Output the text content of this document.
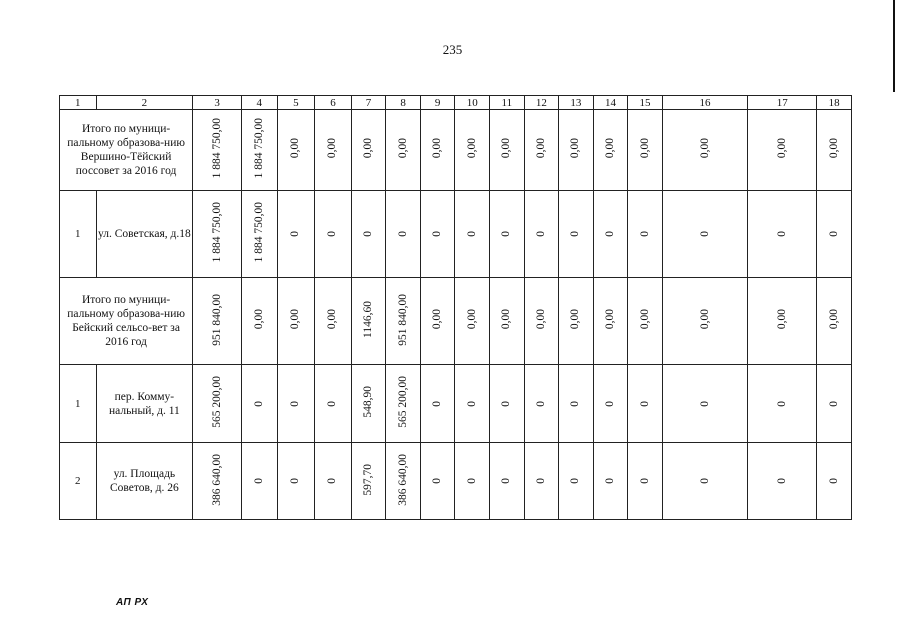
235
1	2	3	4	5	6	7	8	9	10	11	12	13	14	15	16	17	18
Итого по муници-пальному образова-нию Вершино-Тёйский поссовет за 2016 год		1 884 750,00	1 884 750,00	0,00	0,00	0,00	0,00	0,00	0,00	0,00	0,00	0,00	0,00	0,00	0,00	0,00	0,00
1	ул. Советская, д.18	1 884 750,00	1 884 750,00	0	0	0	0	0	0	0	0	0	0	0	0	0	0
Итого по муници-пальному образова-нию Бейский сельсо-вет за 2016 год		951 840,00	0,00	0,00	0,00	1146,60	951 840,00	0,00	0,00	0,00	0,00	0,00	0,00	0,00	0,00	0,00	0,00
1	пер. Комму-нальный, д. 11	565 200,00	0	0	0	548,90	565 200,00	0	0	0	0	0	0	0	0	0	0
2	ул. Площадь Советов, д. 26	386 640,00	0	0	0	597,70	386 640,00	0	0	0	0	0	0	0	0	0	0
АП РХ
